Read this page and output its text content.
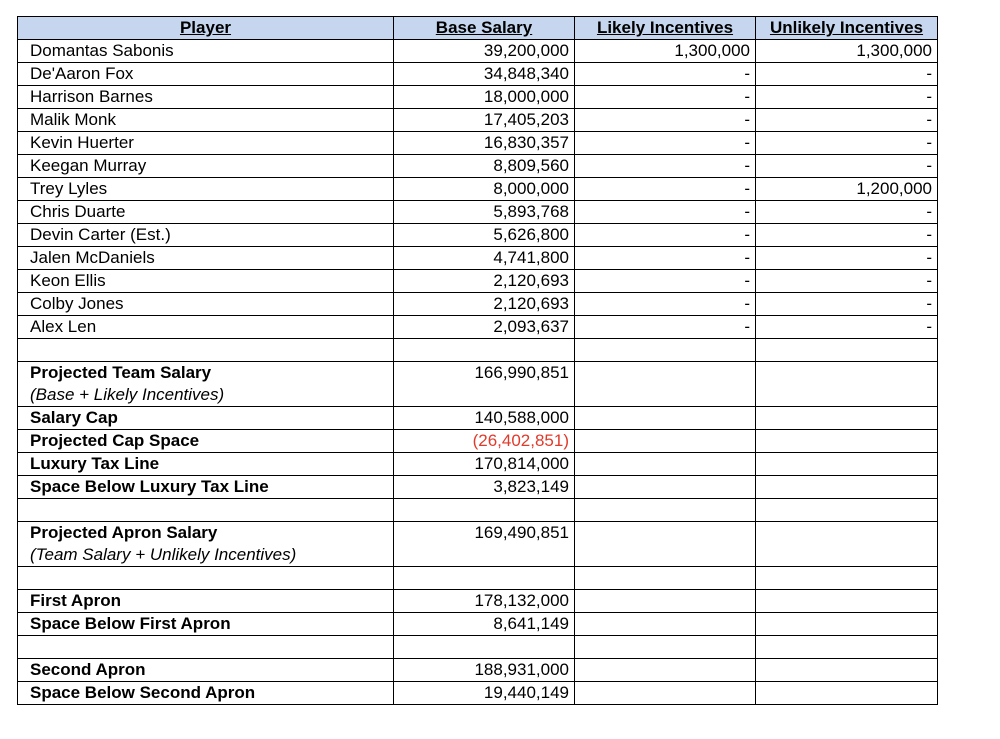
Player	Base Salary	Likely Incentives	Unlikely Incentives
Domantas Sabonis	39,200,000	1,300,000	1,300,000
De'Aaron Fox	34,848,340	-	-
Harrison Barnes	18,000,000	-	-
Malik Monk	17,405,203	-	-
Kevin Huerter	16,830,357	-	-
Keegan Murray	8,809,560	-	-
Trey Lyles	8,000,000	-	1,200,000
Chris Duarte	5,893,768	-	-
Devin Carter (Est.)	5,626,800	-	-
Jalen McDaniels	4,741,800	-	-
Keon Ellis	2,120,693	-	-
Colby Jones	2,120,693	-	-
Alex Len	2,093,637	-	-

Projected Team Salary
(Base + Likely Incentives)	166,990,851		
Salary Cap	140,588,000		
Projected Cap Space	(26,402,851)		
Luxury Tax Line	170,814,000		
Space Below Luxury Tax Line	3,823,149		

Projected Apron Salary
(Team Salary + Unlikely Incentives)	169,490,851		

First Apron	178,132,000		
Space Below First Apron	8,641,149		

Second Apron	188,931,000		
Space Below Second Apron	19,440,149		
